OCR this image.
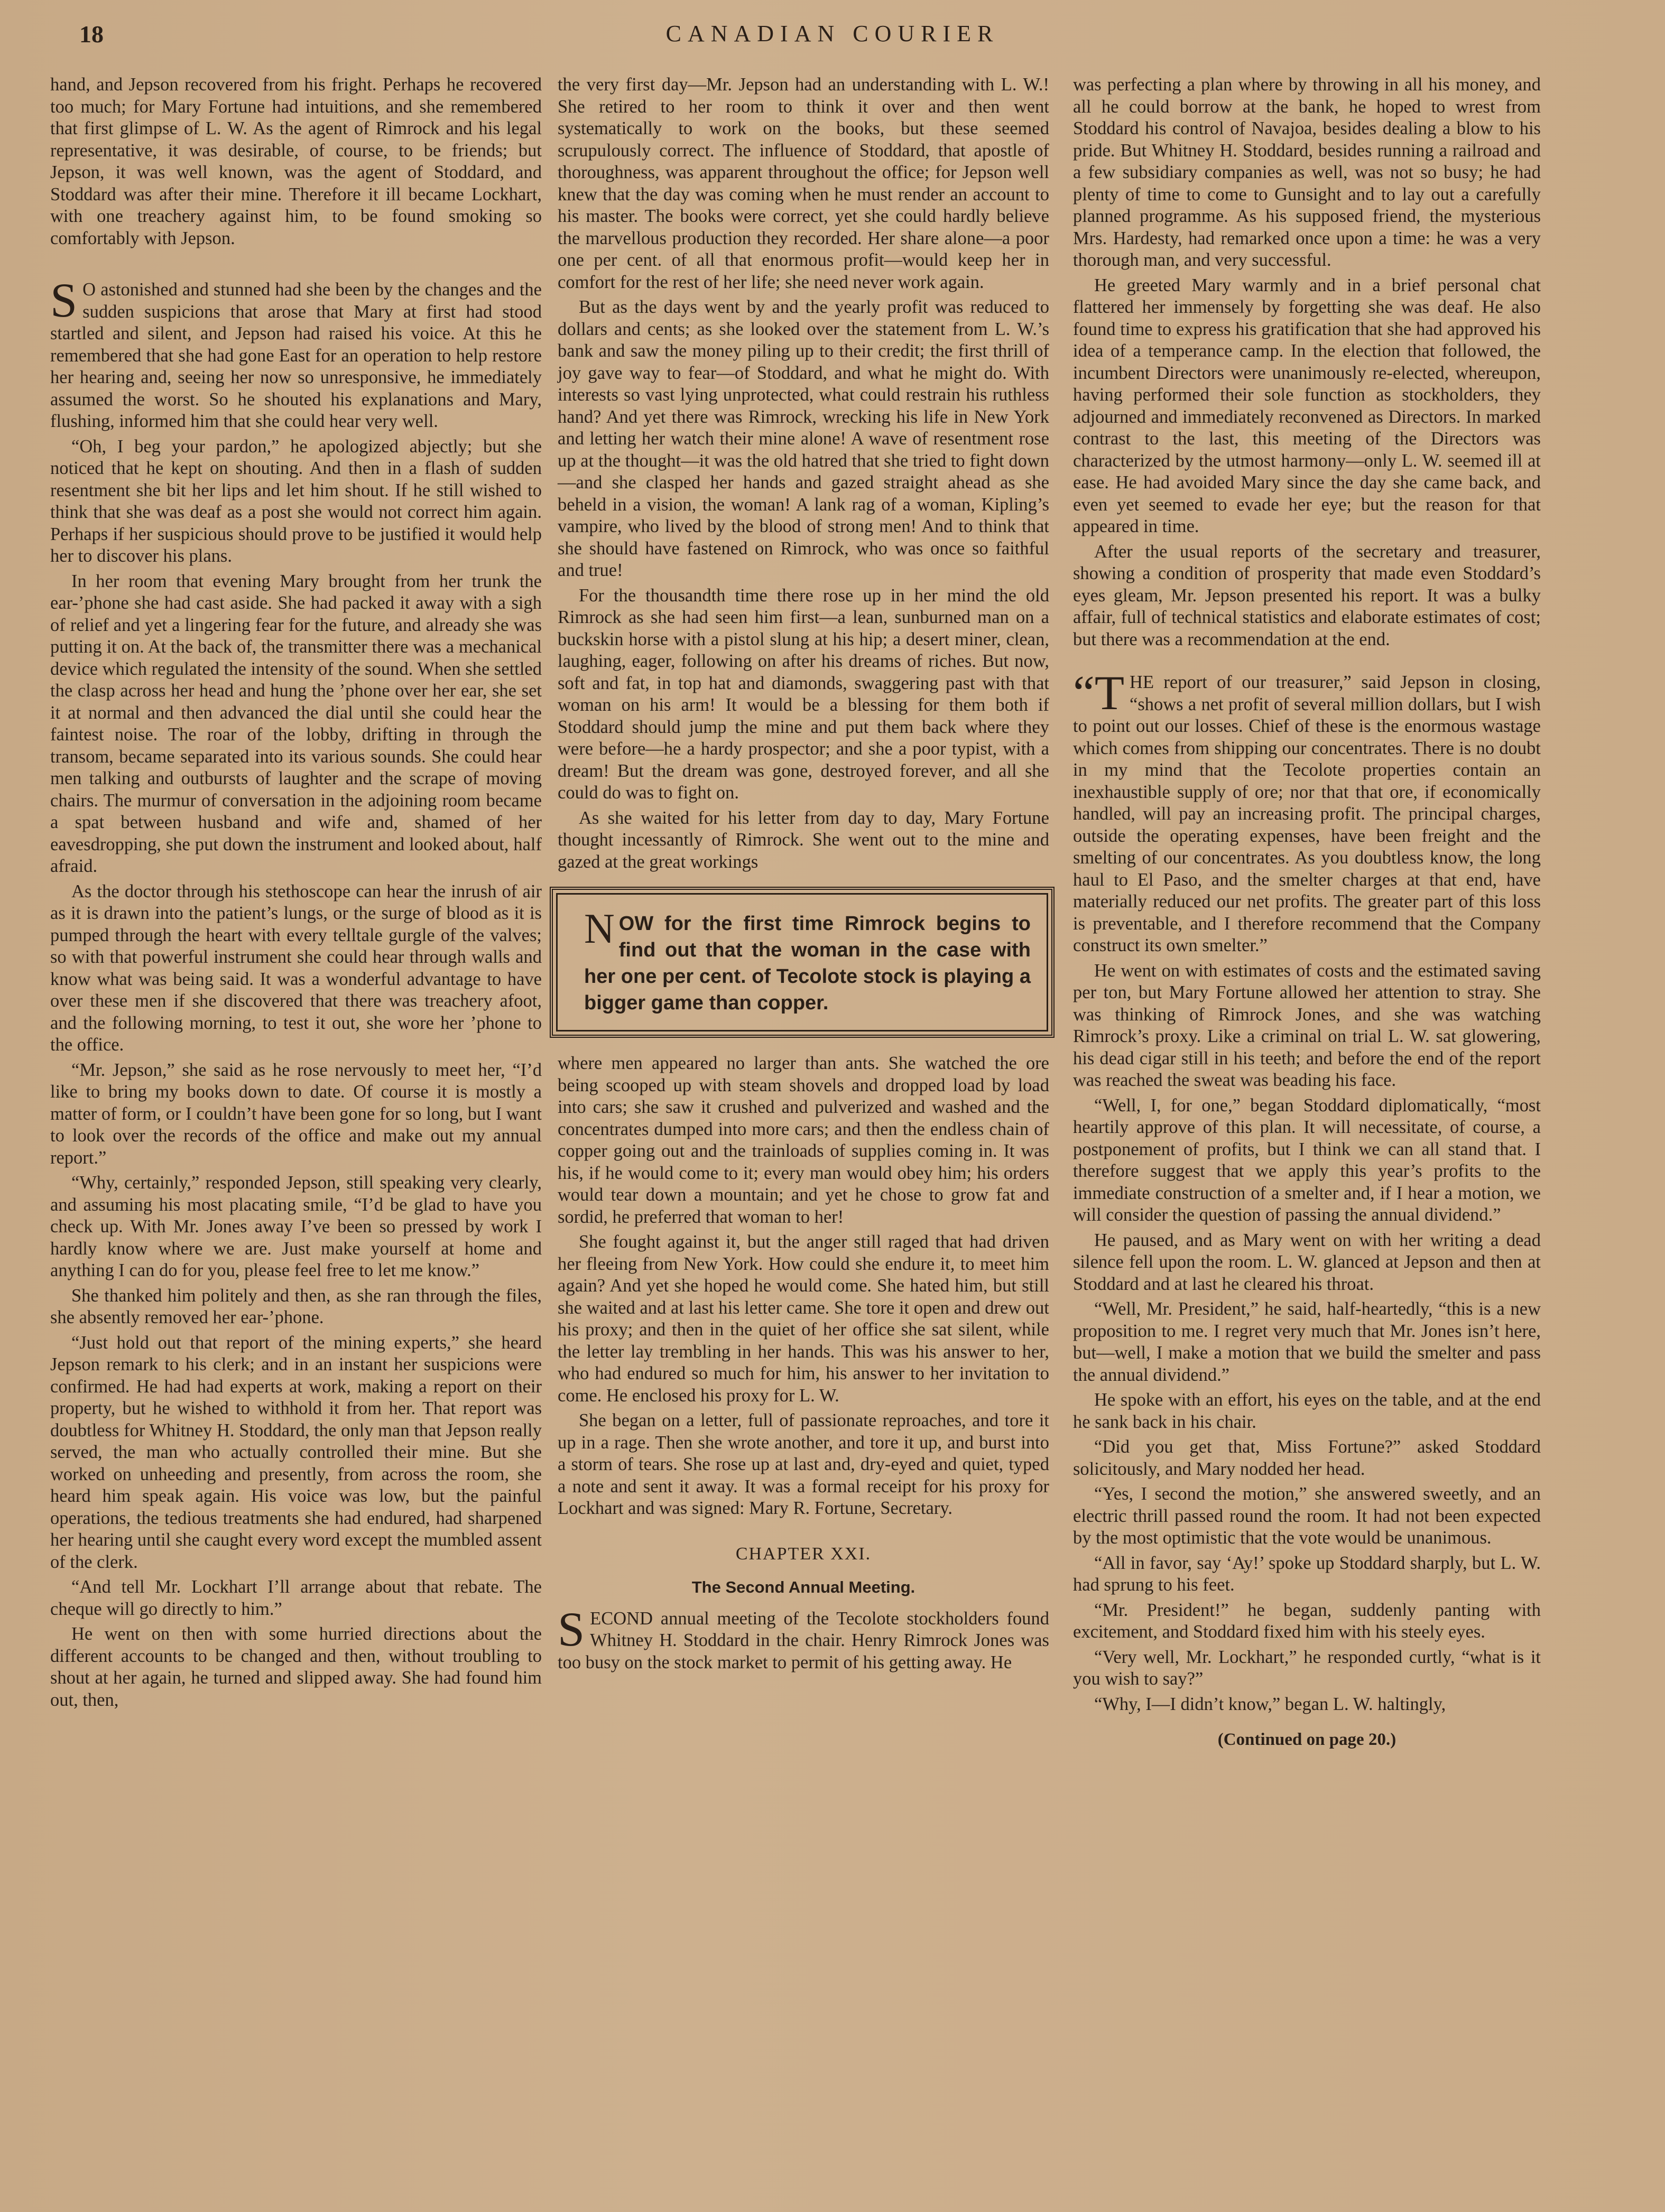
18	CANADIAN COURIER

hand, and Jepson recovered from his fright. Perhaps he recovered too much; for Mary Fortune had intuitions, and she remembered that first glimpse of L. W. As the agent of Rimrock and his legal representative, it was desirable, of course, to be friends; but Jepson, it was well known, was the agent of Stoddard, and Stoddard was after their mine. Therefore it ill became Lockhart, with one treachery against him, to be found smoking so comfortably with Jepson.

S O astonished and stunned had she been by the changes and the sudden suspicions that arose that Mary at first had stood startled and silent, and Jepson had raised his voice. At this he remembered that she had gone East for an operation to help restore her hearing and, seeing her now so unresponsive, he immediately assumed the worst. So he shouted his explanations and Mary, flushing, informed him that she could hear very well.

“Oh, I beg your pardon,” he apologized abjectly; but she noticed that he kept on shouting. And then in a flash of sudden resentment she bit her lips and let him shout. If he still wished to think that she was deaf as a post she would not correct him again. Perhaps if her suspicious should prove to be justified it would help her to discover his plans.

In her room that evening Mary brought from her trunk the ear-’phone she had cast aside. She had packed it away with a sigh of relief and yet a lingering fear for the future, and already she was putting it on. At the back of, the transmitter there was a mechanical device which regulated the intensity of the sound. When she settled the clasp across her head and hung the ’phone over her ear, she set it at normal and then advanced the dial until she could hear the faintest noise. The roar of the lobby, drifting in through the transom, became separated into its various sounds. She could hear men talking and outbursts of laughter and the scrape of moving chairs. The murmur of conversation in the adjoining room became a spat between husband and wife and, shamed of her eavesdropping, she put down the instrument and looked about, half afraid.

As the doctor through his stethoscope can hear the inrush of air as it is drawn into the patient’s lungs, or the surge of blood as it is pumped through the heart with every telltale gurgle of the valves; so with that powerful instrument she could hear through walls and know what was being said. It was a wonderful advantage to have over these men if she discovered that there was treachery afoot, and the following morning, to test it out, she wore her ’phone to the office.

“Mr. Jepson,” she said as he rose nervously to meet her, “I’d like to bring my books down to date. Of course it is mostly a matter of form, or I couldn’t have been gone for so long, but I want to look over the records of the office and make out my annual report.”

“Why, certainly,” responded Jepson, still speaking very clearly, and assuming his most placating smile, “I’d be glad to have you check up. With Mr. Jones away I’ve been so pressed by work I hardly know where we are. Just make yourself at home and anything I can do for you, please feel free to let me know.”

She thanked him politely and then, as she ran through the files, she absently removed her ear-’phone.

“Just hold out that report of the mining experts,” she heard Jepson remark to his clerk; and in an instant her suspicions were confirmed. He had had experts at work, making a report on their property, but he wished to withhold it from her. That report was doubtless for Whitney H. Stoddard, the only man that Jepson really served, the man who actually controlled their mine. But she worked on unheeding and presently, from across the room, she heard him speak again. His voice was low, but the painful operations, the tedious treatments she had endured, had sharpened her hearing until she caught every word except the mumbled assent of the clerk.

“And tell Mr. Lockhart I’ll arrange about that rebate. The cheque will go directly to him.”

He went on then with some hurried directions about the different accounts to be changed and then, without troubling to shout at her again, he turned and slipped away. She had found him out, then,

the very first day—Mr. Jepson had an understanding with L. W.! She retired to her room to think it over and then went systematically to work on the books, but these seemed scrupulously correct. The influence of Stoddard, that apostle of thoroughness, was apparent throughout the office; for Jepson well knew that the day was coming when he must render an account to his master. The books were correct, yet she could hardly believe the marvellous production they recorded. Her share alone—a poor one per cent. of all that enormous profit—would keep her in comfort for the rest of her life; she need never work again.

But as the days went by and the yearly profit was reduced to dollars and cents; as she looked over the statement from L. W.’s bank and saw the money piling up to their credit; the first thrill of joy gave way to fear—of Stoddard, and what he might do. With interests so vast lying unprotected, what could restrain his ruthless hand? And yet there was Rimrock, wrecking his life in New York and letting her watch their mine alone! A wave of resentment rose up at the thought—it was the old hatred that she tried to fight down—and she clasped her hands and gazed straight ahead as she beheld in a vision, the woman! A lank rag of a woman, Kipling’s vampire, who lived by the blood of strong men! And to think that she should have fastened on Rimrock, who was once so faithful and true!

For the thousandth time there rose up in her mind the old Rimrock as she had seen him first—a lean, sunburned man on a buckskin horse with a pistol slung at his hip; a desert miner, clean, laughing, eager, following on after his dreams of riches. But now, soft and fat, in top hat and diamonds, swaggering past with that woman on his arm! It would be a blessing for them both if Stoddard should jump the mine and put them back where they were before—he a hardy prospector; and she a poor typist, with a dream! But the dream was gone, destroyed forever, and all she could do was to fight on.

As she waited for his letter from day to day, Mary Fortune thought incessantly of Rimrock. She went out to the mine and gazed at the great workings

NOW for the first time Rimrock begins to find out that the woman in the case with her one per cent. of Tecolote stock is playing a bigger game than copper.

where men appeared no larger than ants. She watched the ore being scooped up with steam shovels and dropped load by load into cars; she saw it crushed and pulverized and washed and the concentrates dumped into more cars; and then the endless chain of copper going out and the trainloads of supplies coming in. It was his, if he would come to it; every man would obey him; his orders would tear down a mountain; and yet he chose to grow fat and sordid, he preferred that woman to her!

She fought against it, but the anger still raged that had driven her fleeing from New York. How could she endure it, to meet him again? And yet she hoped he would come. She hated him, but still she waited and at last his letter came. She tore it open and drew out his proxy; and then in the quiet of her office she sat silent, while the letter lay trembling in her hands. This was his answer to her, who had endured so much for him, his answer to her invitation to come. He enclosed his proxy for L. W.

She began on a letter, full of passionate reproaches, and tore it up in a rage. Then she wrote another, and tore it up, and burst into a storm of tears. She rose up at last and, dry-eyed and quiet, typed a note and sent it away. It was a formal receipt for his proxy for Lockhart and was signed: Mary R. Fortune, Secretary.

CHAPTER XXI.
The Second Annual Meeting.

SECOND annual meeting of the Tecolote stockholders found Whitney H. Stoddard in the chair. Henry Rimrock Jones was too busy on the stock market to permit of his getting away. He

was perfecting a plan where by throwing in all his money, and all he could borrow at the bank, he hoped to wrest from Stoddard his control of Navajoa, besides dealing a blow to his pride. But Whitney H. Stoddard, besides running a railroad and a few subsidiary companies as well, was not so busy; he had plenty of time to come to Gunsight and to lay out a carefully planned programme. As his supposed friend, the mysterious Mrs. Hardesty, had remarked once upon a time: he was a very thorough man, and very successful.

He greeted Mary warmly and in a brief personal chat flattered her immensely by forgetting she was deaf. He also found time to express his gratification that she had approved his idea of a temperance camp. In the election that followed, the incumbent Directors were unanimously re-elected, whereupon, having performed their sole function as stockholders, they adjourned and immediately reconvened as Directors. In marked contrast to the last, this meeting of the Directors was characterized by the utmost harmony—only L. W. seemed ill at ease. He had avoided Mary since the day she came back, and even yet seemed to evade her eye; but the reason for that appeared in time.

After the usual reports of the secretary and treasurer, showing a condition of prosperity that made even Stoddard’s eyes gleam, Mr. Jepson presented his report. It was a bulky affair, full of technical statistics and elaborate estimates of cost; but there was a recommendation at the end.

“THE report of our treasurer,” said Jepson in closing, “shows a net profit of several million dollars, but I wish to point out our losses. Chief of these is the enormous wastage which comes from shipping our concentrates. There is no doubt in my mind that the Tecolote properties contain an inexhaustible supply of ore; nor that that ore, if economically handled, will pay an increasing profit. The principal charges, outside the operating expenses, have been freight and the smelting of our concentrates. As you doubtless know, the long haul to El Paso, and the smelter charges at that end, have materially reduced our net profits. The greater part of this loss is preventable, and I therefore recommend that the Company construct its own smelter.”

He went on with estimates of costs and the estimated saving per ton, but Mary Fortune allowed her attention to stray. She was thinking of Rimrock Jones, and she was watching Rimrock’s proxy. Like a criminal on trial L. W. sat glowering, his dead cigar still in his teeth; and before the end of the report was reached the sweat was beading his face.

“Well, I, for one,” began Stoddard diplomatically, “most heartily approve of this plan. It will necessitate, of course, a postponement of profits, but I think we can all stand that. I therefore suggest that we apply this year’s profits to the immediate construction of a smelter and, if I hear a motion, we will consider the question of passing the annual dividend.”

He paused, and as Mary went on with her writing a dead silence fell upon the room. L. W. glanced at Jepson and then at Stoddard and at last he cleared his throat.

“Well, Mr. President,” he said, half-heartedly, “this is a new proposition to me. I regret very much that Mr. Jones isn’t here, but—well, I make a motion that we build the smelter and pass the annual dividend.”

He spoke with an effort, his eyes on the table, and at the end he sank back in his chair.

“Did you get that, Miss Fortune?” asked Stoddard solicitously, and Mary nodded her head.

“Yes, I second the motion,” she answered sweetly, and an electric thrill passed round the room. It had not been expected by the most optimistic that the vote would be unanimous.

“All in favor, say ‘Ay!’ spoke up Stoddard sharply, but L. W. had sprung to his feet.

“Mr. President!” he began, suddenly panting with excitement, and Stoddard fixed him with his steely eyes.

“Very well, Mr. Lockhart,” he responded curtly, “what is it you wish to say?”

“Why, I—I didn’t know,” began L. W. haltingly,

(Continued on page 20.)
